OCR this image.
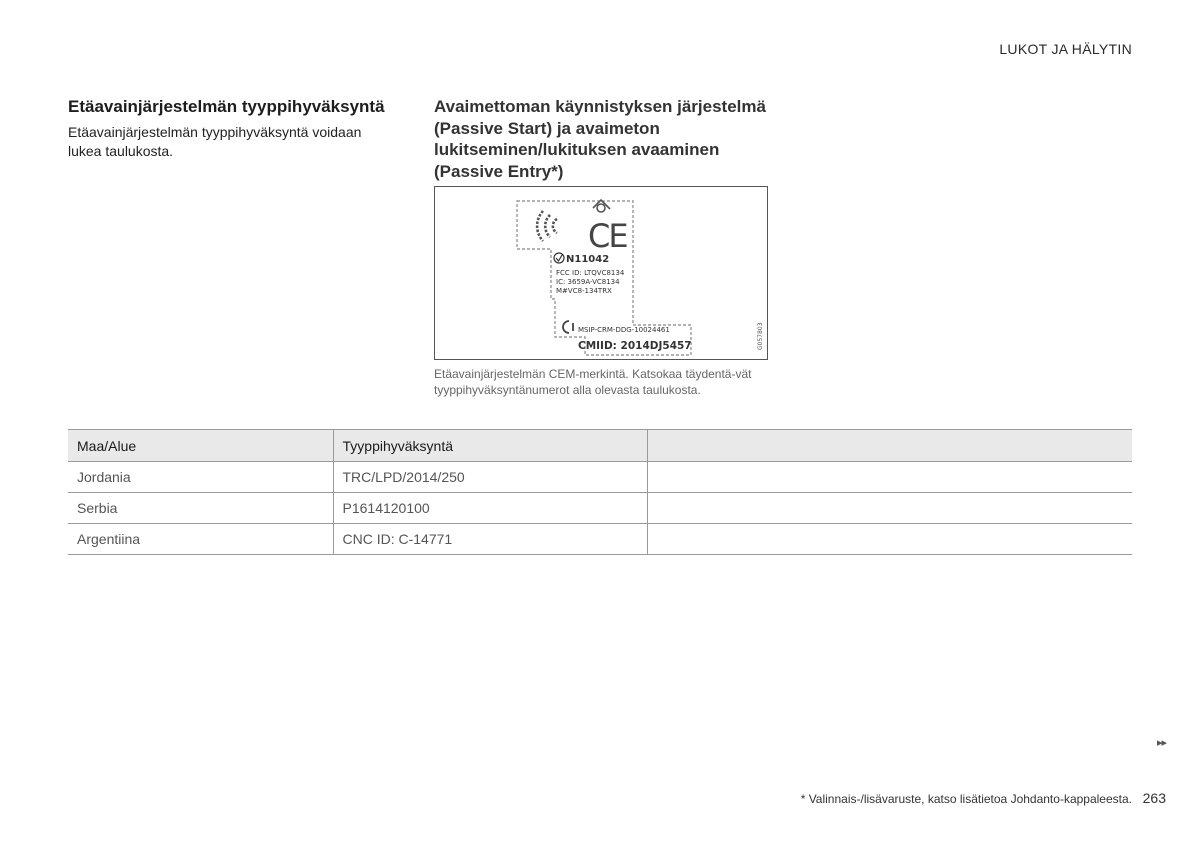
LUKOT JA HÄLYTIN
Etäavainjärjestelmän tyyppihyväksyntä

Etäavainjärjestelmän tyyppihyväksyntä voidaan lukea taulukosta.

Avaimettoman käynnistyksen järjestelmä (Passive Start) ja avaimeton lukitseminen/lukituksen avaaminen (Passive Entry*)
CE
N11042
FCC ID: LTQVC8134
IC: 3659A-VC8134
M#VC8-134TRX
MSIP-CRM-DDG-10024461
CMIID: 2014DJ5457	G057803
Etäavainjärjestelmän CEM-merkintä. Katsokaa täydentä-vät tyyppihyväksyntänumerot alla olevasta taulukosta.
Maa/Alue	Tyyppihyväksyntä	
Jordania	TRC/LPD/2014/250	
Serbia	P1614120100	
Argentiina	CNC ID: C-14771	
▸▸
* Valinnais-/lisävaruste, katso lisätietoa Johdanto-kappaleesta. 263
